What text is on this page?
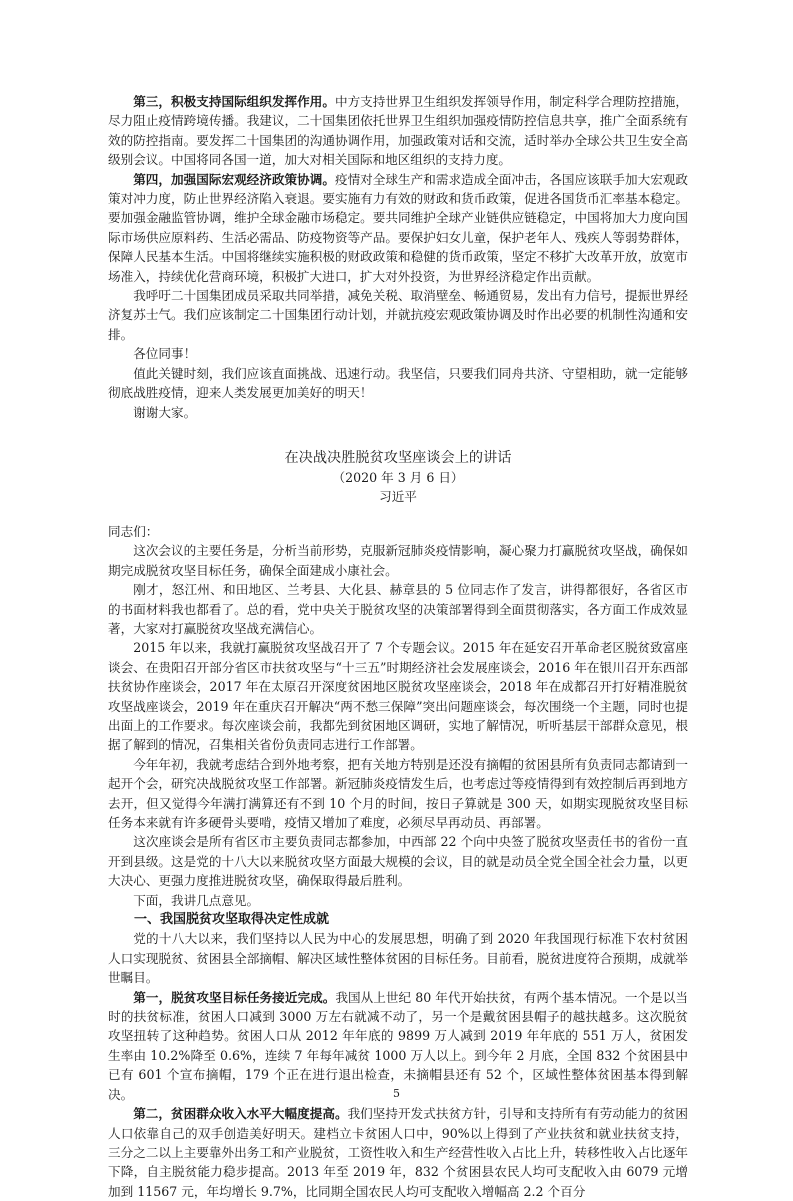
第三，积极支持国际组织发挥作用。中方支持世界卫生组织发挥领导作用，制定科学合理防控措施，尽力阻止疫情跨境传播。我建议，二十国集团依托世界卫生组织加强疫情防控信息共享，推广全面系统有效的防控指南。要发挥二十国集团的沟通协调作用，加强政策对话和交流，适时举办全球公共卫生安全高级别会议。中国将同各国一道，加大对相关国际和地区组织的支持力度。

第四，加强国际宏观经济政策协调。疫情对全球生产和需求造成全面冲击，各国应该联手加大宏观政策对冲力度，防止世界经济陷入衰退。要实施有力有效的财政和货币政策，促进各国货币汇率基本稳定。要加强金融监管协调，维护全球金融市场稳定。要共同维护全球产业链供应链稳定，中国将加大力度向国际市场供应原料药、生活必需品、防疫物资等产品。要保护妇女儿童，保护老年人、残疾人等弱势群体，保障人民基本生活。中国将继续实施积极的财政政策和稳健的货币政策，坚定不移扩大改革开放，放宽市场准入，持续优化营商环境，积极扩大进口，扩大对外投资，为世界经济稳定作出贡献。

我呼吁二十国集团成员采取共同举措，减免关税、取消壁垒、畅通贸易，发出有力信号，提振世界经济复苏士气。我们应该制定二十国集团行动计划，并就抗疫宏观政策协调及时作出必要的机制性沟通和安排。

各位同事！

值此关键时刻，我们应该直面挑战、迅速行动。我坚信，只要我们同舟共济、守望相助，就一定能够彻底战胜疫情，迎来人类发展更加美好的明天！

谢谢大家。

在决战决胜脱贫攻坚座谈会上的讲话
（2020 年 3 月 6 日）
习近平

同志们：

这次会议的主要任务是，分析当前形势，克服新冠肺炎疫情影响，凝心聚力打赢脱贫攻坚战，确保如期完成脱贫攻坚目标任务，确保全面建成小康社会。

刚才，怒江州、和田地区、兰考县、大化县、赫章县的 5 位同志作了发言，讲得都很好，各省区市的书面材料我也都看了。总的看，党中央关于脱贫攻坚的决策部署得到全面贯彻落实，各方面工作成效显著，大家对打赢脱贫攻坚战充满信心。

2015 年以来，我就打赢脱贫攻坚战召开了 7 个专题会议。2015 年在延安召开革命老区脱贫致富座谈会、在贵阳召开部分省区市扶贫攻坚与“十三五”时期经济社会发展座谈会，2016 年在银川召开东西部扶贫协作座谈会，2017 年在太原召开深度贫困地区脱贫攻坚座谈会，2018 年在成都召开打好精准脱贫攻坚战座谈会，2019 年在重庆召开解决“两不愁三保障”突出问题座谈会，每次围绕一个主题，同时也提出面上的工作要求。每次座谈会前，我都先到贫困地区调研，实地了解情况，听听基层干部群众意见，根据了解到的情况，召集相关省份负责同志进行工作部署。

今年年初，我就考虑结合到外地考察，把有关地方特别是还没有摘帽的贫困县所有负责同志都请到一起开个会，研究决战脱贫攻坚工作部署。新冠肺炎疫情发生后，也考虑过等疫情得到有效控制后再到地方去开，但又觉得今年满打满算还有不到 10 个月的时间，按日子算就是 300 天，如期实现脱贫攻坚目标任务本来就有许多硬骨头要啃，疫情又增加了难度，必须尽早再动员、再部署。

这次座谈会是所有省区市主要负责同志都参加，中西部 22 个向中央签了脱贫攻坚责任书的省份一直开到县级。这是党的十八大以来脱贫攻坚方面最大规模的会议，目的就是动员全党全国全社会力量，以更大决心、更强力度推进脱贫攻坚，确保取得最后胜利。

下面，我讲几点意见。

一、我国脱贫攻坚取得决定性成就

党的十八大以来，我们坚持以人民为中心的发展思想，明确了到 2020 年我国现行标准下农村贫困人口实现脱贫、贫困县全部摘帽、解决区域性整体贫困的目标任务。目前看，脱贫进度符合预期，成就举世瞩目。

第一，脱贫攻坚目标任务接近完成。我国从上世纪 80 年代开始扶贫，有两个基本情况。一个是以当时的扶贫标准，贫困人口减到 3000 万左右就减不动了，另一个是戴贫困县帽子的越扶越多。这次脱贫攻坚扭转了这种趋势。贫困人口从 2012 年年底的 9899 万人减到 2019 年年底的 551 万人，贫困发生率由 10.2%降至 0.6%，连续 7 年每年减贫 1000 万人以上。到今年 2 月底，全国 832 个贫困县中已有 601 个宣布摘帽，179 个正在进行退出检查，未摘帽县还有 52 个，区域性整体贫困基本得到解决。

第二，贫困群众收入水平大幅度提高。我们坚持开发式扶贫方针，引导和支持所有有劳动能力的贫困人口依靠自己的双手创造美好明天。建档立卡贫困人口中，90%以上得到了产业扶贫和就业扶贫支持，三分之二以上主要靠外出务工和产业脱贫，工资性收入和生产经营性收入占比上升，转移性收入占比逐年下降，自主脱贫能力稳步提高。2013 年至 2019 年，832 个贫困县农民人均可支配收入由 6079 元增加到 11567 元，年均增长 9.7%，比同期全国农民人均可支配收入增幅高 2.2 个百分

5
